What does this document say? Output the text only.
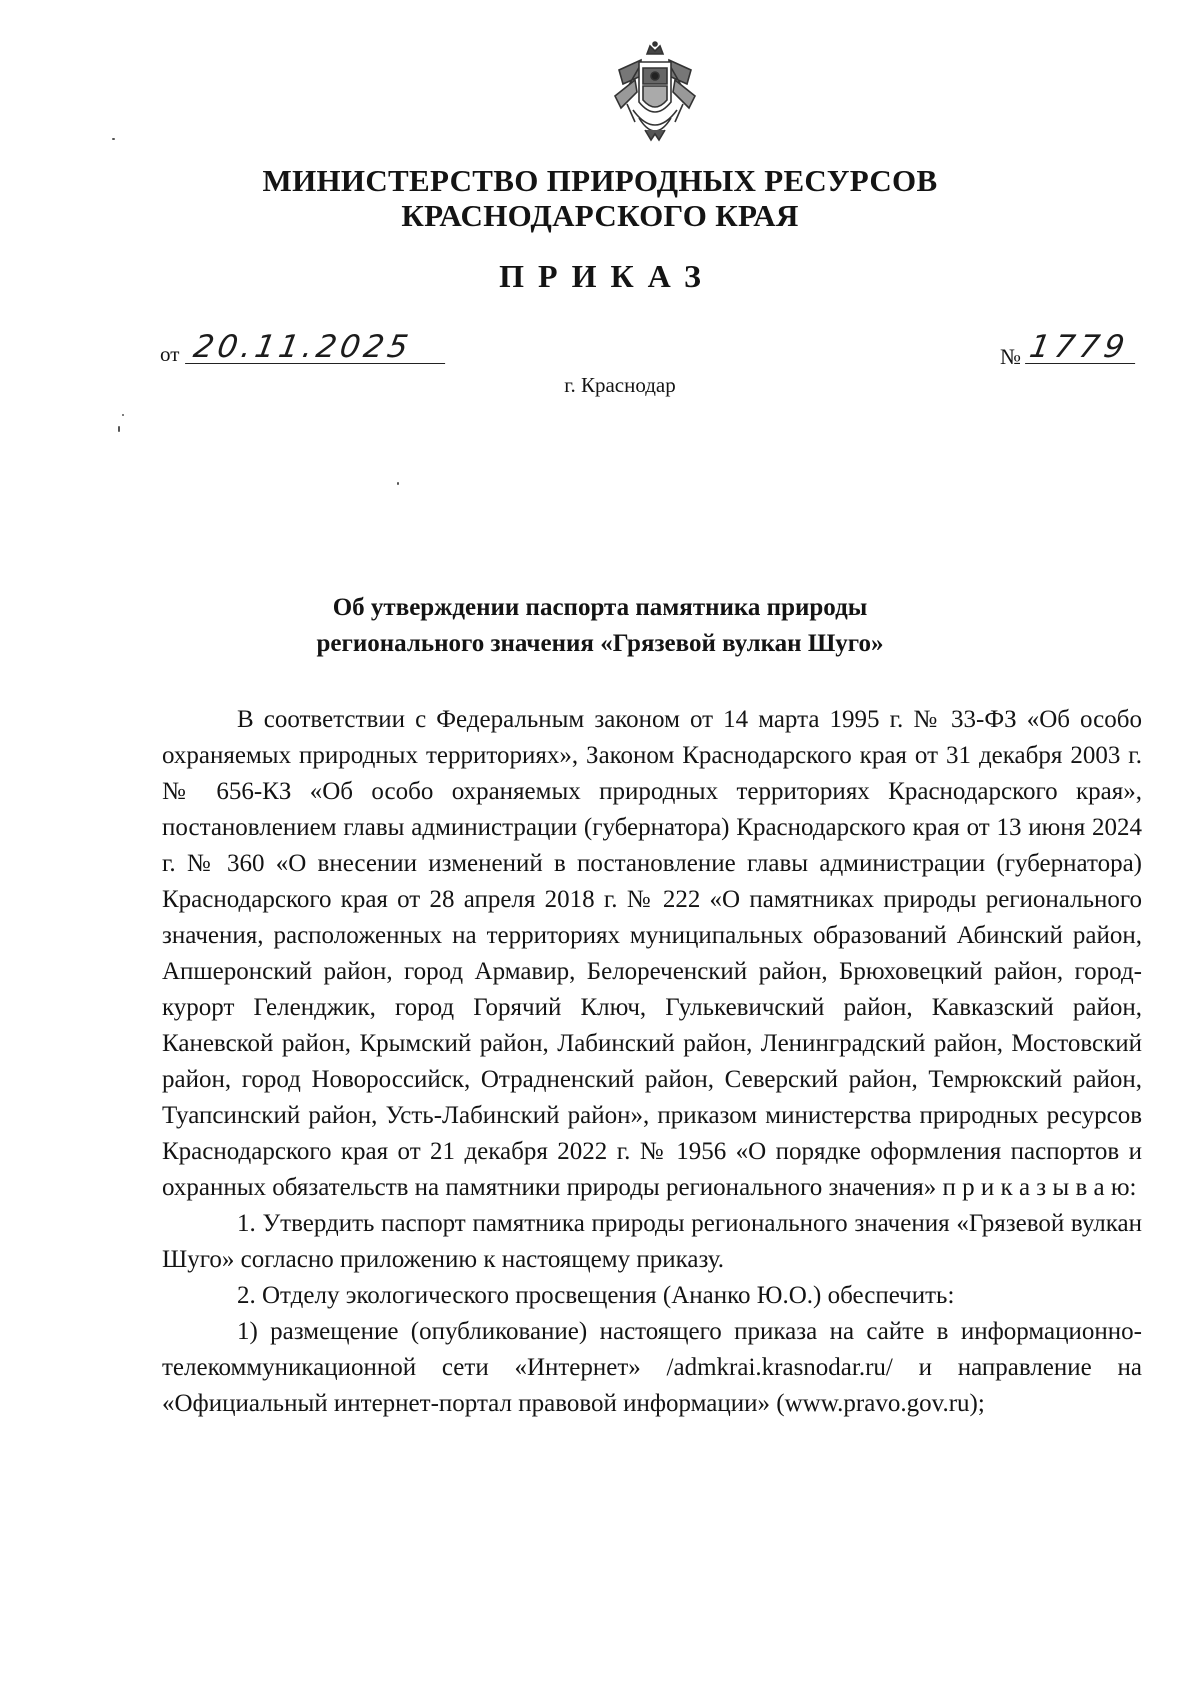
МИНИСТЕРСТВО ПРИРОДНЫХ РЕСУРСОВ
КРАСНОДАРСКОГО КРАЯ
ПРИКАЗ
от 20.11.2025	№ 1779
г. Краснодар
Об утверждении паспорта памятника природы
регионального значения «Грязевой вулкан Шуго»

В соответствии с Федеральным законом от 14 марта 1995 г. № 33-ФЗ «Об особо охраняемых природных территориях», Законом Краснодарского края от 31 декабря 2003 г. № 656-КЗ «Об особо охраняемых природных территориях Краснодарского края», постановлением главы администрации (губернатора) Краснодарского края от 13 июня 2024 г. № 360 «О внесении изменений в постановление главы администрации (губернатора) Краснодарского края от 28 апреля 2018 г. № 222 «О памятниках природы регионального значения, расположенных на территориях муниципальных образований Абинский район, Апшеронский район, город Армавир, Белореченский район, Брюховецкий район, город-курорт Геленджик, город Горячий Ключ, Гулькевичский район, Кавказский район, Каневской район, Крымский район, Лабинский район, Ленинградский район, Мостовский район, город Новороссийск, Отрадненский район, Северский район, Темрюкский район, Туапсинский район, Усть-Лабинский район», приказом министерства природных ресурсов Краснодарского края от 21 декабря 2022 г. № 1956 «О порядке оформления паспортов и охранных обязательств на памятники природы регионального значения» п р и к а з ы в а ю:

1. Утвердить паспорт памятника природы регионального значения «Грязевой вулкан Шуго» согласно приложению к настоящему приказу.

2. Отделу экологического просвещения (Ананко Ю.О.) обеспечить:

1) размещение (опубликование) настоящего приказа на сайте в информационно-телекоммуникационной сети «Интернет» /admkrai.krasnodar.ru/ и направление на «Официальный интернет-портал правовой информации» (www.pravo.gov.ru);
